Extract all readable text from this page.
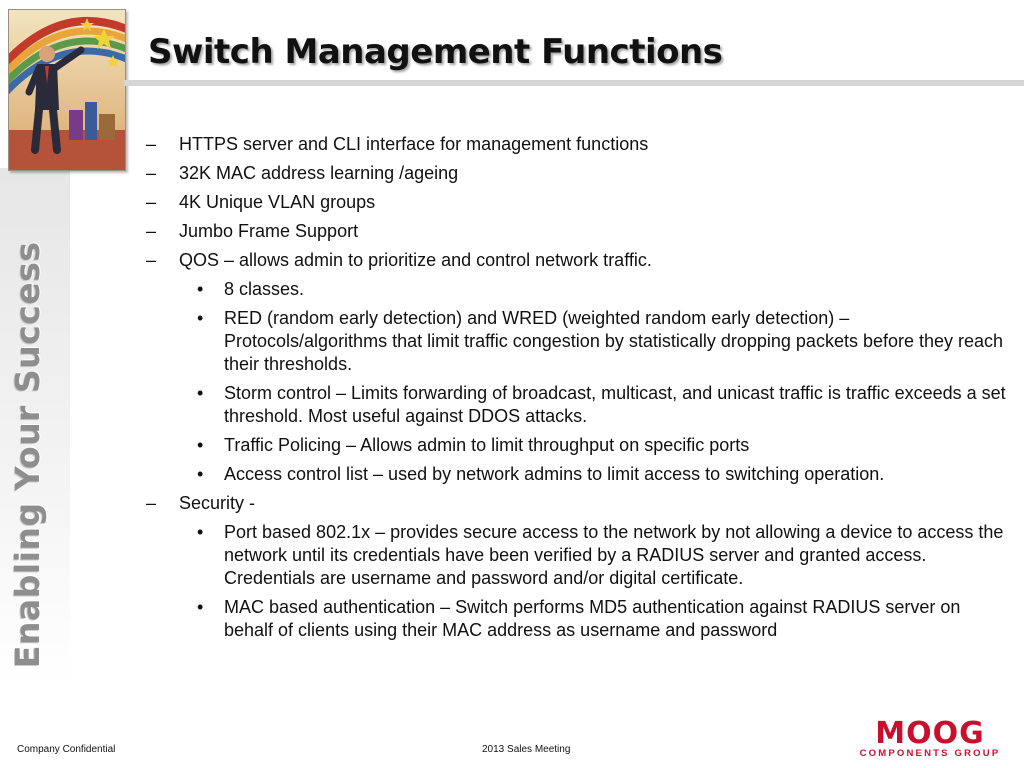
Enabling Your Success
Switch Management Functions
– HTTPS server and CLI interface for management functions
– 32K MAC address learning /ageing
– 4K Unique VLAN groups
– Jumbo Frame Support
– QOS – allows admin to prioritize and control network traffic.
• 8 classes.
• RED (random early detection) and WRED (weighted random early detection) – Protocols/algorithms that limit traffic congestion by statistically dropping packets before they reach their thresholds.
• Storm control – Limits forwarding of broadcast, multicast, and unicast traffic is traffic exceeds a set threshold. Most useful against DDOS attacks.
• Traffic Policing – Allows admin to limit throughput on specific ports
• Access control list – used by network admins to limit access to switching operation.
– Security -
• Port based 802.1x – provides secure access to the network by not allowing a device to access the network until its credentials have been verified by a RADIUS server and granted access. Credentials are username and password and/or digital certificate.
• MAC based authentication – Switch performs MD5 authentication against RADIUS server on behalf of clients using their MAC address as username and password
Company Confidential	2013 Sales Meeting	MOOG
COMPONENTS GROUP
